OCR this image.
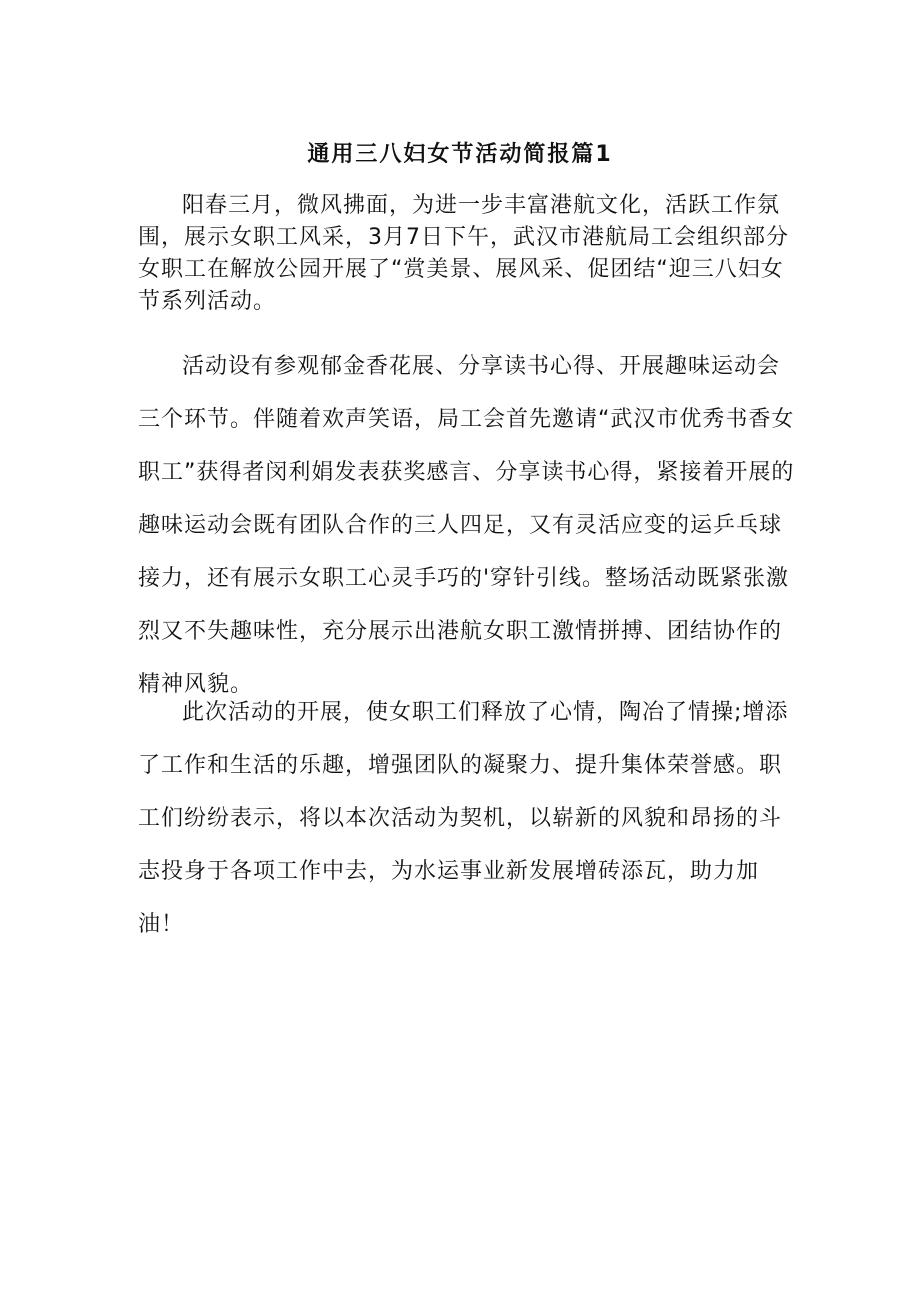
通用三八妇女节活动简报篇1

阳春三月，微风拂面，为进一步丰富港航文化，活跃工作氛围，展示女职工风采，3月7日下午，武汉市港航局工会组织部分女职工在解放公园开展了“赏美景、展风采、促团结“迎三八妇女节系列活动。

活动设有参观郁金香花展、分享读书心得、开展趣味运动会三个环节。伴随着欢声笑语，局工会首先邀请“武汉市优秀书香女职工”获得者闵利娟发表获奖感言、分享读书心得，紧接着开展的趣味运动会既有团队合作的三人四足，又有灵活应变的运乒乓球接力，还有展示女职工心灵手巧的'穿针引线。整场活动既紧张激烈又不失趣味性，充分展示出港航女职工激情拼搏、团结协作的精神风貌。

此次活动的开展，使女职工们释放了心情，陶冶了情操;增添了工作和生活的乐趣，增强团队的凝聚力、提升集体荣誉感。职工们纷纷表示，将以本次活动为契机，以崭新的风貌和昂扬的斗志投身于各项工作中去，为水运事业新发展增砖添瓦，助力加油！
